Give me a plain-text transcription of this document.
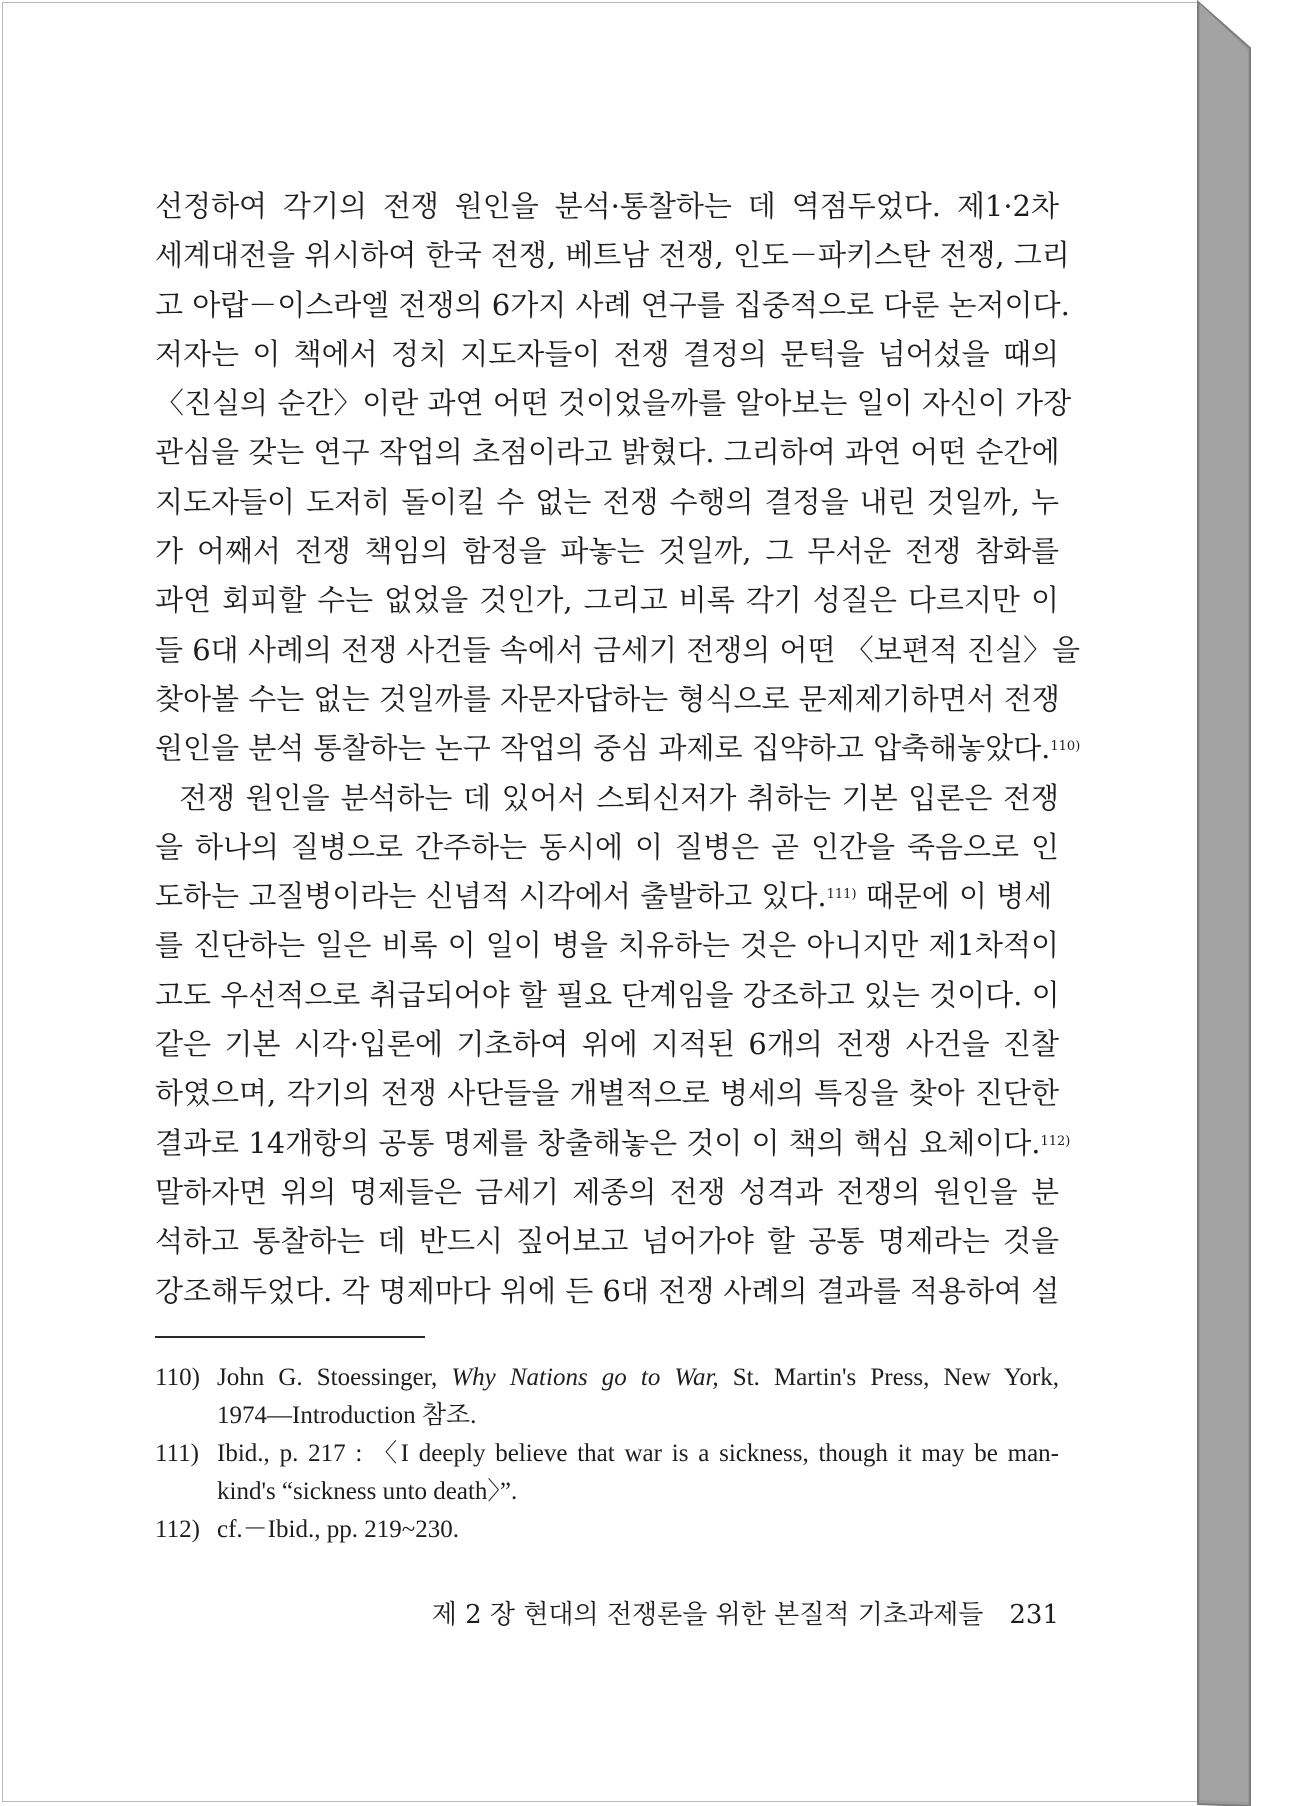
선정하여 각기의 전쟁 원인을 분석·통찰하는 데 역점두었다. 제1·2차
세계대전을 위시하여 한국 전쟁, 베트남 전쟁, 인도－파키스탄 전쟁, 그리
고 아랍－이스라엘 전쟁의 6가지 사례 연구를 집중적으로 다룬 논저이다.
저자는 이 책에서 정치 지도자들이 전쟁 결정의 문턱을 넘어섰을 때의
〈진실의 순간〉이란 과연 어떤 것이었을까를 알아보는 일이 자신이 가장
관심을 갖는 연구 작업의 초점이라고 밝혔다. 그리하여 과연 어떤 순간에
지도자들이 도저히 돌이킬 수 없는 전쟁 수행의 결정을 내린 것일까, 누
가 어째서 전쟁 책임의 함정을 파놓는 것일까, 그 무서운 전쟁 참화를
과연 회피할 수는 없었을 것인가, 그리고 비록 각기 성질은 다르지만 이
들 6대 사례의 전쟁 사건들 속에서 금세기 전쟁의 어떤 〈보편적 진실〉을
찾아볼 수는 없는 것일까를 자문자답하는 형식으로 문제제기하면서 전쟁
원인을 분석 통찰하는 논구 작업의 중심 과제로 집약하고 압축해놓았다.$^{110)}$
전쟁 원인을 분석하는 데 있어서 스퇴신저가 취하는 기본 입론은 전쟁
을 하나의 질병으로 간주하는 동시에 이 질병은 곧 인간을 죽음으로 인
도하는 고질병이라는 신념적 시각에서 출발하고 있다.$^{111)}$ 때문에 이 병세
를 진단하는 일은 비록 이 일이 병을 치유하는 것은 아니지만 제1차적이
고도 우선적으로 취급되어야 할 필요 단계임을 강조하고 있는 것이다. 이
같은 기본 시각·입론에 기초하여 위에 지적된 6개의 전쟁 사건을 진찰
하였으며, 각기의 전쟁 사단들을 개별적으로 병세의 특징을 찾아 진단한
결과로 14개항의 공통 명제를 창출해놓은 것이 이 책의 핵심 요체이다.$^{112)}$
말하자면 위의 명제들은 금세기 제종의 전쟁 성격과 전쟁의 원인을 분
석하고 통찰하는 데 반드시 짚어보고 넘어가야 할 공통 명제라는 것을
강조해두었다. 각 명제마다 위에 든 6대 전쟁 사례의 결과를 적용하여 설
110) John G. Stoessinger, Why Nations go to War, St. Martin's Press, New York,
1974—Introduction 참조.
111) Ibid., p. 217 : 〈I deeply believe that war is a sickness, though it may be man-
kind's “sickness unto death〉”.
112) cf.－Ibid., pp. 219~230.
제 2 장 현대의 전쟁론을 위한 본질적 기초과제들 231
